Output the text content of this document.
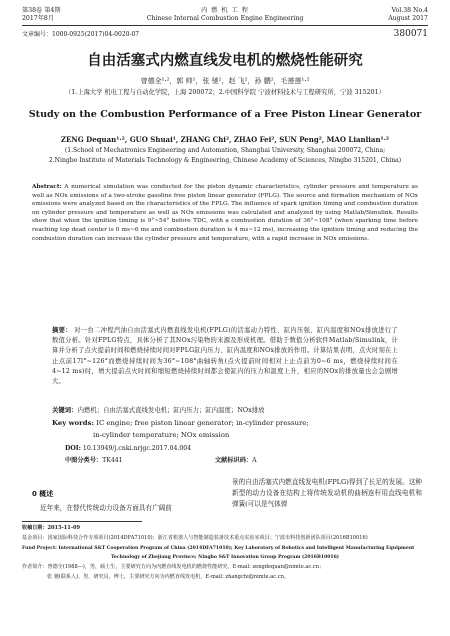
第38卷 第4期
2017年8月
内 燃 机 工 程
Chinese Internal Combustion Engine Engineering
Vol.38 No.4
August 2017
文章编号：1000-0925(2017)04-0020-07	380071
自由活塞式内燃直线发电机的燃烧性能研究
曾德全¹·²，郭 帅¹，张 驰²，赵 飞²，孙 鹏²，毛莲莲¹·²
（1.上海大学 机电工程与自动化学院，上海 200072；2.中国科学院 宁波材料技术与工程研究所，宁波 315201）
Study on the Combustion Performance of a Free Piston Linear Generator
ZENG Dequan¹·², GUO Shuai¹, ZHANG Chi², ZHAO Fei², SUN Peng², MAO Lianlian¹·²
(1.School of Mechatronics Engineering and Automation, Shanghai University, Shanghai 200072, China;
2.Ningbo Institute of Materials Technology & Engineering, Chinese Academy of Sciences, Ningbo 315201, China)
Abstract: A numerical simulation was conducted for the piston dynamic characteristics, cylinder pressure and temperature as well as NOx emissions of a two-stroke gasoline free piston linear generator (FPLG). The source and formation mechanism of NOx emissions were analyzed based on the characteristics of the FPLG. The influence of spark ignition timing and combustion duration on cylinder pressure and temperature as well as NOx emissions was calculated and analyzed by using Matlab/Simulink. Results show that when the ignition timing is 9°~54° before TDC, with a combustion duration of 36°~108° (when sparking time before reaching top dead center is 0 ms~6 ms and combustion duration is 4 ms~12 ms), increasing the ignition timing and reducing the combustion duration can increase the cylinder pressure and temperature, with a rapid increase in NOx emissions.
摘要： 对一台二冲程汽油自由活塞式内燃直线发电机(FPLG)的活塞动力特性、缸内压强、缸内温度和NOx排放进行了数值分析。针对FPLG特点，具体分析了其NOx污染物的来源及形成机理。借助于数值分析软件Matlab/Simulink，计算并分析了点火提前时间和燃烧持续时间对FPLG缸内压力、缸内温度和NOx排放的作用。计算结果表明，点火时刻在上止点前17l°~126°而燃烧持续时间为36°~108°曲轴转角(点火提前时间相对上止点前为0~6 ms，燃烧持续时间在4~12 ms)时，增大提前点火时间和缩短燃烧持续时间都会使缸内的压力和温度上升，相应的NOx的排放量也会急剧增大。
关键词：内燃机；自由活塞式直线发电机；缸内压力；缸内温度；NOx排放
Key words: IC engine; free piston linear generator; in-cylinder pressure;
in-cylinder temperature; NOx emission
DOI: 10.13949/j.cnki.nrjgc.2017.04.004
中图分类号：TK441	文献标识码：A
0 概述
近年来，在替代传统动力设备方面具有广阔前
景的自由活塞式内燃直线发电机(FPLG)得到了长足的发展。这种新型的动力设备在结构上将传统发动机的曲柄连杆用直线电机和弹簧(可以是气体弹
收稿日期：2015-11-09
基金项目：国家国际科技合作专项项目(2014DFA71010)；浙江省机器人与智能制造装备技术重点实验室项目；宁波市科技创新团队项目(2016B10016)
Fund Project: International S&T Cooperation Program of China (2014DFA71010); Key Laboratory of Robotics and Intelligent Manufacturing Equipment
Technology of Zhejiang Province; Ningbo S&T Innovation Group Program (2016B10016)
作者简介：曾德全(1988—)，男，硕士生，主要研究方向为内燃直线发电机的燃烧性能研究，E-mail: zengdequan@nimte.ac.cn；
张 驰(联系人)，男，研究员，博士，主要研究方向为内燃直线发电机，E-mail: zhangchi@nimte.ac.cn。
